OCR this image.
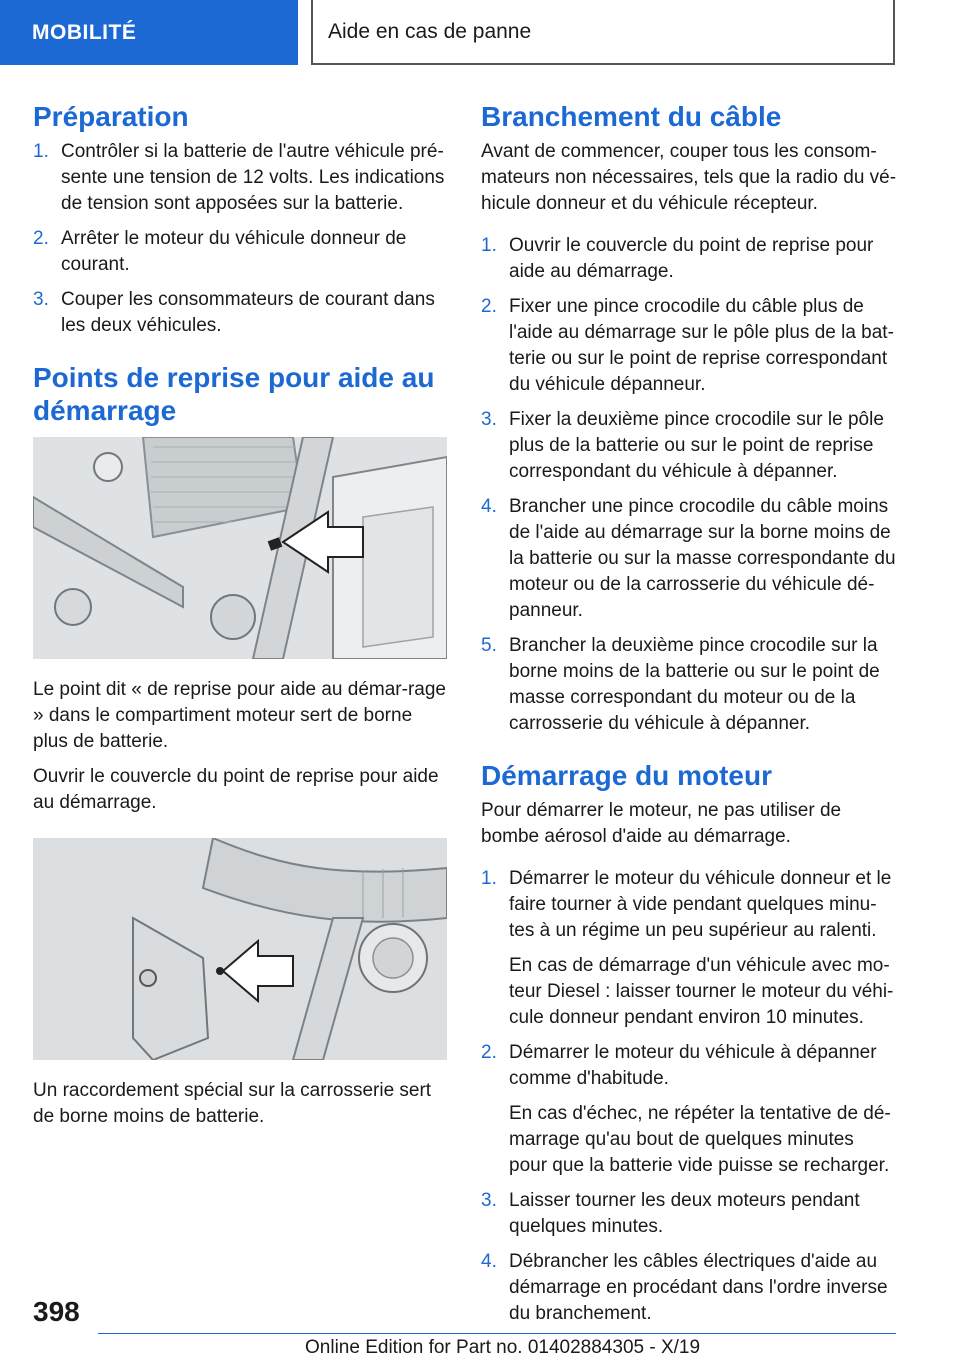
MOBILITÉ	Aide en cas de panne
Préparation
1. Contrôler si la batterie de l'autre véhicule pré-sente une tension de 12 volts. Les indications de tension sont apposées sur la batterie.
2. Arrêter le moteur du véhicule donneur de courant.
3. Couper les consommateurs de courant dans les deux véhicules.
Points de reprise pour aide au démarrage

Le point dit « de reprise pour aide au démar-rage » dans le compartiment moteur sert de borne plus de batterie.

Ouvrir le couvercle du point de reprise pour aide au démarrage.

Un raccordement spécial sur la carrosserie sert de borne moins de batterie.

Branchement du câble

Avant de commencer, couper tous les consom-mateurs non nécessaires, tels que la radio du vé-hicule donneur et du véhicule récepteur.

1. Ouvrir le couvercle du point de reprise pour aide au démarrage.
2. Fixer une pince crocodile du câble plus de l'aide au démarrage sur le pôle plus de la bat-terie ou sur le point de reprise correspondant du véhicule dépanneur.
3. Fixer la deuxième pince crocodile sur le pôle plus de la batterie ou sur le point de reprise correspondant du véhicule à dépanner.
4. Brancher une pince crocodile du câble moins de l'aide au démarrage sur la borne moins de la batterie ou sur la masse correspondante du moteur ou de la carrosserie du véhicule dé-panneur.
5. Brancher la deuxième pince crocodile sur la borne moins de la batterie ou sur le point de masse correspondant du moteur ou de la carrosserie du véhicule à dépanner.
Démarrage du moteur

Pour démarrer le moteur, ne pas utiliser de bombe aérosol d'aide au démarrage.

1. Démarrer le moteur du véhicule donneur et le faire tourner à vide pendant quelques minu-tes à un régime un peu supérieur au ralenti.
En cas de démarrage d'un véhicule avec mo-teur Diesel : laisser tourner le moteur du véhi-cule donneur pendant environ 10 minutes.
2. Démarrer le moteur du véhicule à dépanner comme d'habitude.
En cas d'échec, ne répéter la tentative de dé-marrage qu'au bout de quelques minutes pour que la batterie vide puisse se recharger.
3. Laisser tourner les deux moteurs pendant quelques minutes.
4. Débrancher les câbles électriques d'aide au démarrage en procédant dans l'ordre inverse du branchement.
398
Online Edition for Part no. 01402884305 - X/19
